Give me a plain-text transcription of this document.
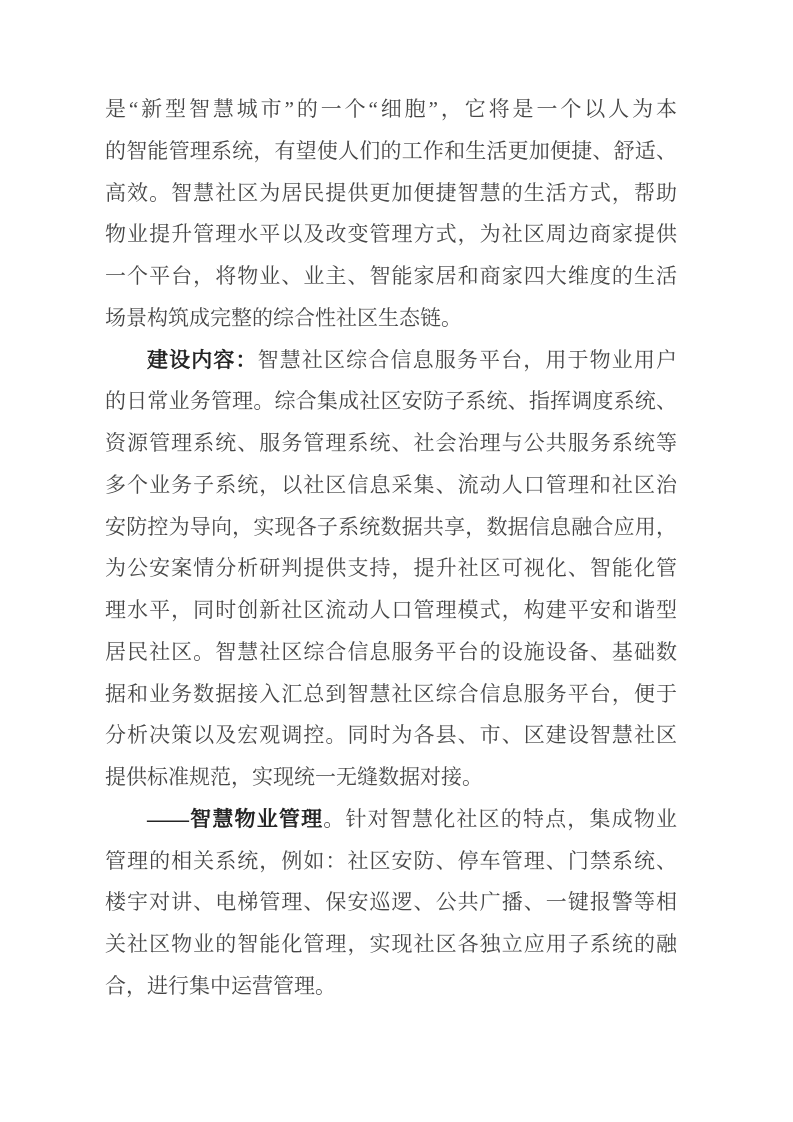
是“新型智慧城市”的一个“细胞”，它将是一个以人为本
的智能管理系统，有望使人们的工作和生活更加便捷、舒适、
高效。智慧社区为居民提供更加便捷智慧的生活方式，帮助
物业提升管理水平以及改变管理方式，为社区周边商家提供
一个平台，将物业、业主、智能家居和商家四大维度的生活
场景构筑成完整的综合性社区生态链。
建设内容：智慧社区综合信息服务平台，用于物业用户
的日常业务管理。综合集成社区安防子系统、指挥调度系统、
资源管理系统、服务管理系统、社会治理与公共服务系统等
多个业务子系统，以社区信息采集、流动人口管理和社区治
安防控为导向，实现各子系统数据共享，数据信息融合应用，
为公安案情分析研判提供支持，提升社区可视化、智能化管
理水平，同时创新社区流动人口管理模式，构建平安和谐型
居民社区。智慧社区综合信息服务平台的设施设备、基础数
据和业务数据接入汇总到智慧社区综合信息服务平台，便于
分析决策以及宏观调控。同时为各县、市、区建设智慧社区
提供标准规范，实现统一无缝数据对接。
——智慧物业管理。针对智慧化社区的特点，集成物业
管理的相关系统，例如：社区安防、停车管理、门禁系统、
楼宇对讲、电梯管理、保安巡逻、公共广播、一键报警等相
关社区物业的智能化管理，实现社区各独立应用子系统的融
合，进行集中运营管理。
